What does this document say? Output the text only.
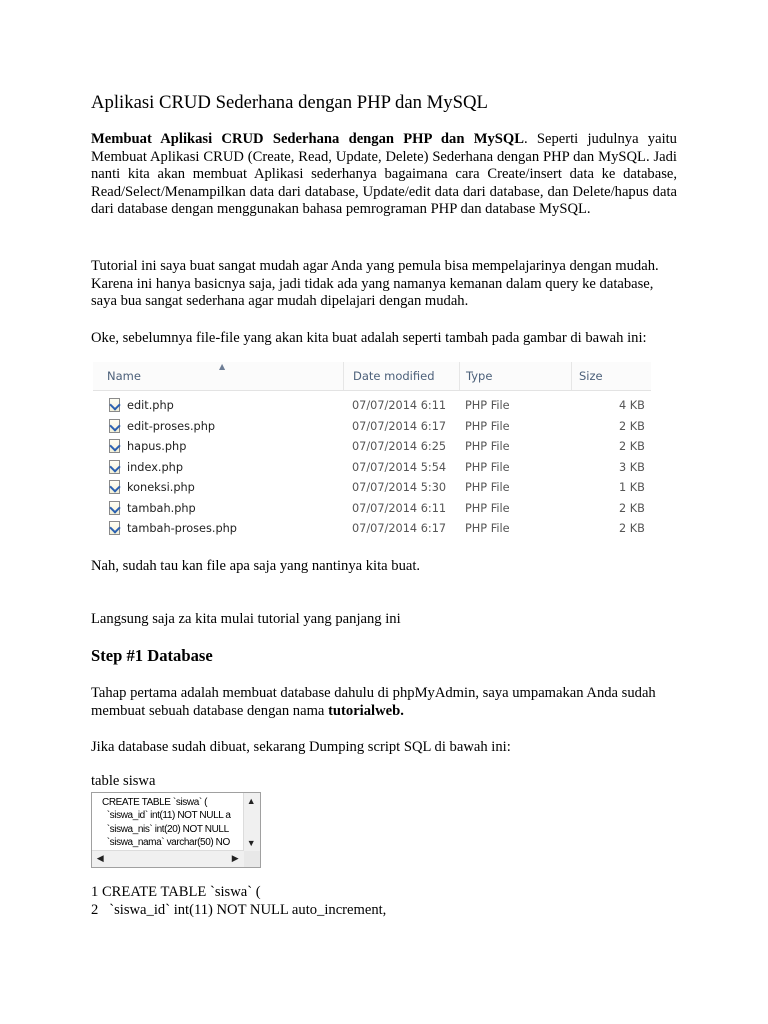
Aplikasi CRUD Sederhana dengan PHP dan MySQL

Membuat Aplikasi CRUD Sederhana dengan PHP dan MySQL. Seperti judulnya yaitu Membuat Aplikasi CRUD (Create, Read, Update, Delete) Sederhana dengan PHP dan MySQL. Jadi nanti kita akan membuat Aplikasi sederhanya bagaimana cara Create/insert data ke database, Read/Select/Menampilkan data dari database, Update/edit data dari database, dan Delete/hapus data dari database dengan menggunakan bahasa pemrograman PHP dan database MySQL.

Tutorial ini saya buat sangat mudah agar Anda yang pemula bisa mempelajarinya dengan mudah. Karena ini hanya basicnya saja, jadi tidak ada yang namanya kemanan dalam query ke database, saya bua sangat sederhana agar mudah dipelajari dengan mudah.

Oke, sebelumnya file-file yang akan kita buat adalah seperti tambah pada gambar di bawah ini:

▲
Name	Date modified	Type	Size
edit.php	07/07/2014 6:11 PHP File	4 KB
edit-proses.php	07/07/2014 6:17 PHP File	2 KB
hapus.php	07/07/2014 6:25 PHP File	2 KB
index.php	07/07/2014 5:54 PHP File	3 KB
koneksi.php	07/07/2014 5:30 PHP File	1 KB
tambah.php	07/07/2014 6:11 PHP File	2 KB
tambah-proses.php	07/07/2014 6:17 PHP File	2 KB

Nah, sudah tau kan file apa saja yang nantinya kita buat.

Langsung saja za kita mulai tutorial yang panjang ini

Step #1 Database

Tahap pertama adalah membuat database dahulu di phpMyAdmin, saya umpamakan Anda sudah membuat sebuah database dengan nama tutorialweb.

Jika database sudah dibuat, sekarang Dumping script SQL di bawah ini:

table siswa

CREATE TABLE `siswa` (
`siswa_id` int(11) NOT NULL a
`siswa_nis` int(20) NOT NULL
`siswa_nama` varchar(50) NO
▲
▼
◀	▶
1 CREATE TABLE `siswa` (
2   `siswa_id` int(11) NOT NULL auto_increment,
